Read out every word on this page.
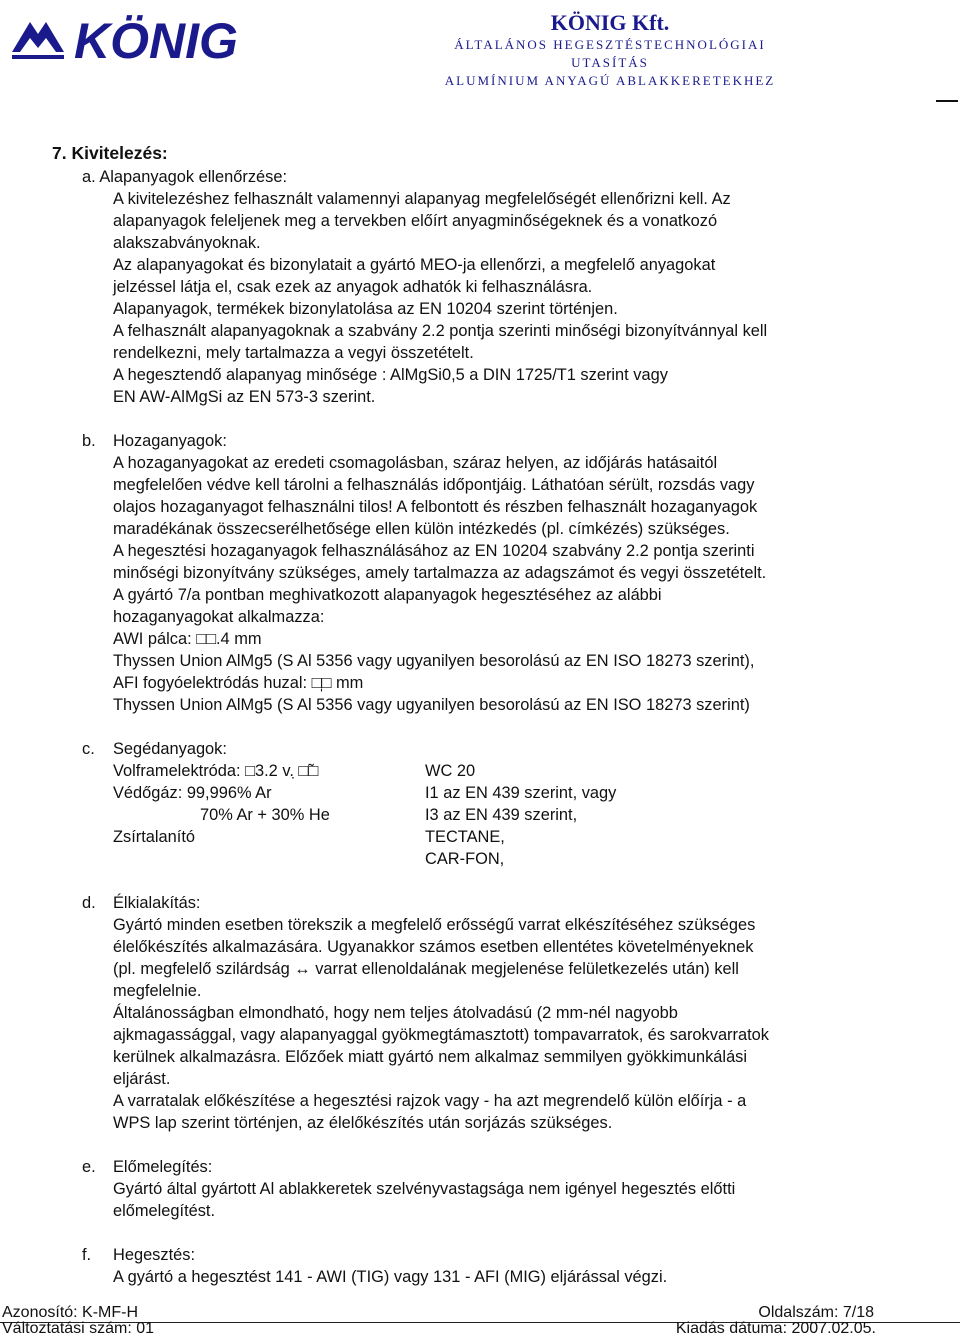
KÖNIG	KÖNIG Kft.
ÁLTALÁNOS HEGESZTÉSTECHNOLÓGIAI UTASÍTÁS
ALUMÍNIUM ANYAGÚ ABLAKKERETEKHEZ
7. Kivitelezés:
a. Alapanyagok ellenőrzése:
A kivitelezéshez felhasznált valamennyi alapanyag megfelelőségét ellenőrizni kell. Az
alapanyagok feleljenek meg a tervekben előírt anyagminőségeknek és a vonatkozó
alakszabványoknak.
Az alapanyagokat és bizonylatait a gyártó MEO-ja ellenőrzi, a megfelelő anyagokat
jelzéssel látja el, csak ezek az anyagok adhatók ki felhasználásra.
Alapanyagok, termékek bizonylatolása az EN 10204 szerint történjen.
A felhasznált alapanyagoknak a szabvány 2.2 pontja szerinti minőségi bizonyítvánnyal kell
rendelkezni, mely tartalmazza a vegyi összetételt.
A hegesztendő alapanyag minősége : AlMgSi0,5 a DIN 1725/T1 szerint vagy
EN AW-AlMgSi az EN 573-3 szerint.
b. Hozaganyagok:
A hozaganyagokat az eredeti csomagolásban, száraz helyen, az időjárás hatásaitól
megfelelően védve kell tárolni a felhasználás időpontjáig. Láthatóan sérült, rozsdás vagy
olajos hozaganyagot felhasználni tilos! A felbontott és részben felhasznált hozaganyagok
maradékának összecserélhetősége ellen külön intézkedés (pl. címkézés) szükséges.
A hegesztési hozaganyagok felhasználásához az EN 10204 szabvány 2.2 pontja szerinti
minőségi bizonyítvány szükséges, amely tartalmazza az adagszámot és vegyi összetételt.
A gyártó 7/a pontban meghivatkozott alapanyagok hegesztéséhez az alábbi
hozaganyagokat alkalmazza:
AWI pálca: □□.4 mm
Thyssen Union AlMg5 (S Al 5356 vagy ugyanilyen besorolású az EN ISO 18273 szerint),
AFI fogyóelektródás huzal: □̩□ mm
Thyssen Union AlMg5 (S Al 5356 vagy ugyanilyen besorolású az EN ISO 18273 szerint)
c. Segédanyagok:
Volframelektróda: □3.2 v. ̣□̃□	WC 20
Védőgáz: 99,996% Ar	I1 az EN 439 szerint, vagy
70% Ar + 30% He	I3 az EN 439 szerint,
Zsírtalanító	TECTANE,
CAR-FON,
d. Élkialakítás:
Gyártó minden esetben törekszik a megfelelő erősségű varrat elkészítéséhez szükséges
élelőkészítés alkalmazására. Ugyanakkor számos esetben ellentétes követelményeknek
(pl. megfelelő szilárdság ↔ varrat ellenoldalának megjelenése felületkezelés után) kell
megfelelnie.
Általánosságban elmondható, hogy nem teljes átolvadású (2 mm-nél nagyobb
ajkmagassággal, vagy alapanyaggal gyökmegtámasztott) tompavarratok, és sarokvarratok
kerülnek alkalmazásra. Előzőek miatt gyártó nem alkalmaz semmilyen gyökkimunkálási
eljárást.
A varratalak előkészítése a hegesztési rajzok vagy - ha azt megrendelő külön előírja - a
WPS lap szerint történjen, az élelőkészítés után sorjázás szükséges.
e. Előmelegítés:
Gyártó által gyártott Al ablakkeretek szelvényvastagsága nem igényel hegesztés előtti
előmelegítést.
f. Hegesztés:
A gyártó a hegesztést 141 - AWI (TIG) vagy 131 - AFI (MIG) eljárással végzi.
Azonosító: K-MF-H	Oldalszám: 7/18
Változtatási szám: 01	Kiadás dátuma: 2007.02.05.
